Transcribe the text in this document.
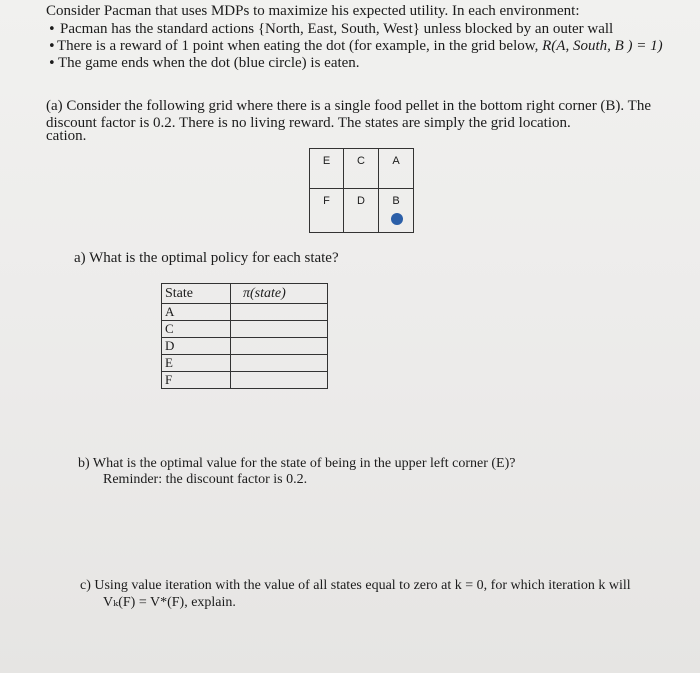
Consider Pacman that uses MDPs to maximize his expected utility. In each environment:
• Pacman has the standard actions {North, East, South, West} unless blocked by an outer wall
• There is a reward of 1 point when eating the dot (for example, in the grid below, R(A, South, B ) = 1)
• The game ends when the dot (blue circle) is eaten.
(a) Consider the following grid where there is a single food pellet in the bottom right corner (B). The
discount factor is 0.2. There is no living reward. The states are simply the grid location.
cation.
E	C	A
F	D	B
a) What is the optimal policy for each state?
State	π(state)
A	
C	
D	
E	
F	
b) What is the optimal value for the state of being in the upper left corner (E)?
Reminder: the discount factor is 0.2.
c) Using value iteration with the value of all states equal to zero at k = 0, for which iteration k will
Vₖ(F) = V*(F), explain.
